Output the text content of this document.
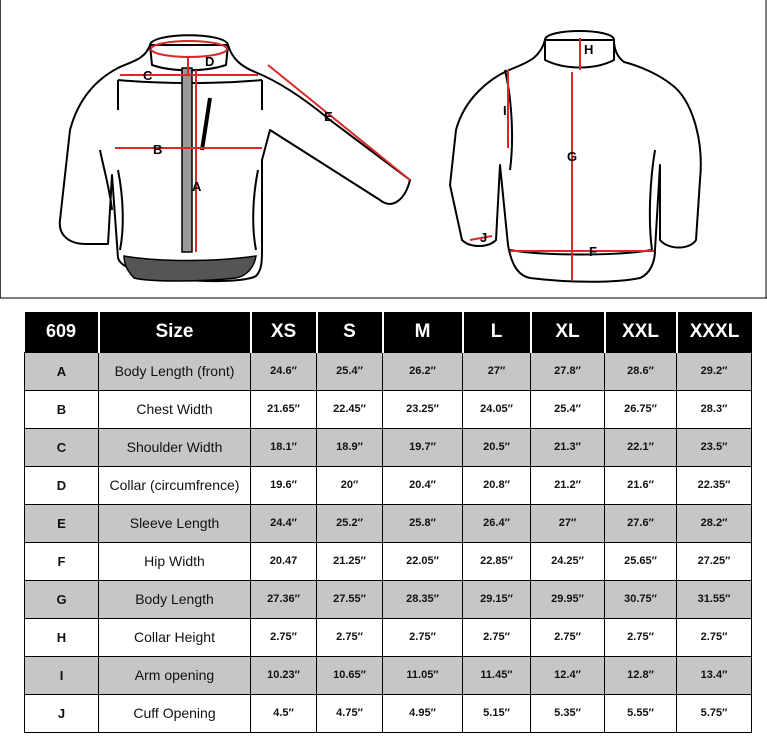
C
D
E
B
A
H
I
G
J
F
609	Size	XS	S	M	L	XL	XXL	XXXL
A	Body Length (front)	24.6″	25.4″	26.2″	27″	27.8″	28.6″	29.2″
B	Chest Width	21.65″	22.45″	23.25″	24.05″	25.4″	26.75″	28.3″
C	Shoulder Width	18.1″	18.9″	19.7″	20.5″	21.3″	22.1″	23.5″
D	Collar (circumfrence)	19.6″	20″	20.4″	20.8″	21.2″	21.6″	22.35″
E	Sleeve Length	24.4″	25.2″	25.8″	26.4″	27″	27.6″	28.2″
F	Hip Width	20.47	21.25″	22.05″	22.85″	24.25″	25.65″	27.25″
G	Body Length	27.36″	27.55″	28.35″	29.15″	29.95″	30.75″	31.55″
H	Collar Height	2.75″	2.75″	2.75″	2.75″	2.75″	2.75″	2.75″
I	Arm opening	10.23″	10.65″	11.05″	11.45″	12.4″	12.8″	13.4″
J	Cuff Opening	4.5″	4.75″	4.95″	5.15″	5.35″	5.55″	5.75″
